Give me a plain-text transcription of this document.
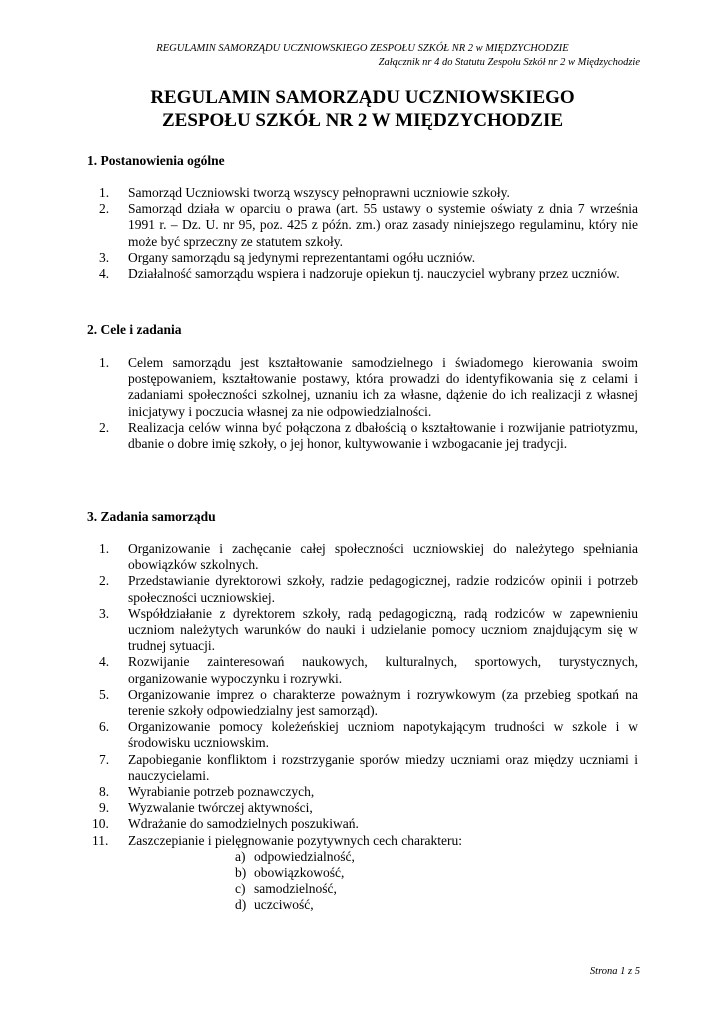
REGULAMIN SAMORZĄDU UCZNIOWSKIEGO ZESPOŁU SZKÓŁ NR 2 w MIĘDZYCHODZIE
Załącznik nr 4 do Statutu Zespołu Szkół nr 2 w Międzychodzie
REGULAMIN SAMORZĄDU UCZNIOWSKIEGO
ZESPOŁU SZKÓŁ NR 2 W MIĘDZYCHODZIE
1. Postanowienia ogólne
1. Samorząd Uczniowski tworzą wszyscy pełnoprawni uczniowie szkoły.
2. Samorząd działa w oparciu o prawa (art. 55 ustawy o systemie oświaty z dnia 7 września 1991 r. – Dz. U. nr 95, poz. 425 z późn. zm.) oraz zasady niniejszego regulaminu, który nie może być sprzeczny ze statutem szkoły.
3. Organy samorządu są jedynymi reprezentantami ogółu uczniów.
4. Działalność samorządu wspiera i nadzoruje opiekun tj. nauczyciel wybrany przez uczniów.
2. Cele i zadania
1. Celem samorządu jest kształtowanie samodzielnego i świadomego kierowania swoim postępowaniem, kształtowanie postawy, która prowadzi do identyfikowania się z celami i zadaniami społeczności szkolnej, uznaniu ich za własne, dążenie do ich realizacji z własnej inicjatywy i poczucia własnej za nie odpowiedzialności.
2. Realizacja celów winna być połączona z dbałością o kształtowanie i rozwijanie patriotyzmu, dbanie o dobre imię szkoły, o jej honor, kultywowanie i wzbogacanie jej tradycji.
3. Zadania samorządu
1. Organizowanie i zachęcanie całej społeczności uczniowskiej do należytego spełniania obowiązków szkolnych.
2. Przedstawianie dyrektorowi szkoły, radzie pedagogicznej, radzie rodziców opinii i potrzeb społeczności uczniowskiej.
3. Współdziałanie z dyrektorem szkoły, radą pedagogiczną, radą rodziców w zapewnieniu uczniom należytych warunków do nauki i udzielanie pomocy uczniom znajdującym się w trudnej sytuacji.
4. Rozwijanie zainteresowań naukowych, kulturalnych, sportowych, turystycznych, organizowanie wypoczynku i rozrywki.
5. Organizowanie imprez o charakterze poważnym i rozrywkowym (za przebieg spotkań na terenie szkoły odpowiedzialny jest samorząd).
6. Organizowanie pomocy koleżeńskiej uczniom napotykającym trudności w szkole i w środowisku uczniowskim.
7. Zapobieganie konfliktom i rozstrzyganie sporów miedzy uczniami oraz między uczniami i nauczycielami.
8. Wyrabianie potrzeb poznawczych,
9. Wyzwalanie twórczej aktywności,
10. Wdrażanie do samodzielnych poszukiwań.
11. Zaszczepianie i pielęgnowanie pozytywnych cech charakteru:
a) odpowiedzialność,
b) obowiązkowość,
c) samodzielność,
d) uczciwość,
Strona 1 z 5
